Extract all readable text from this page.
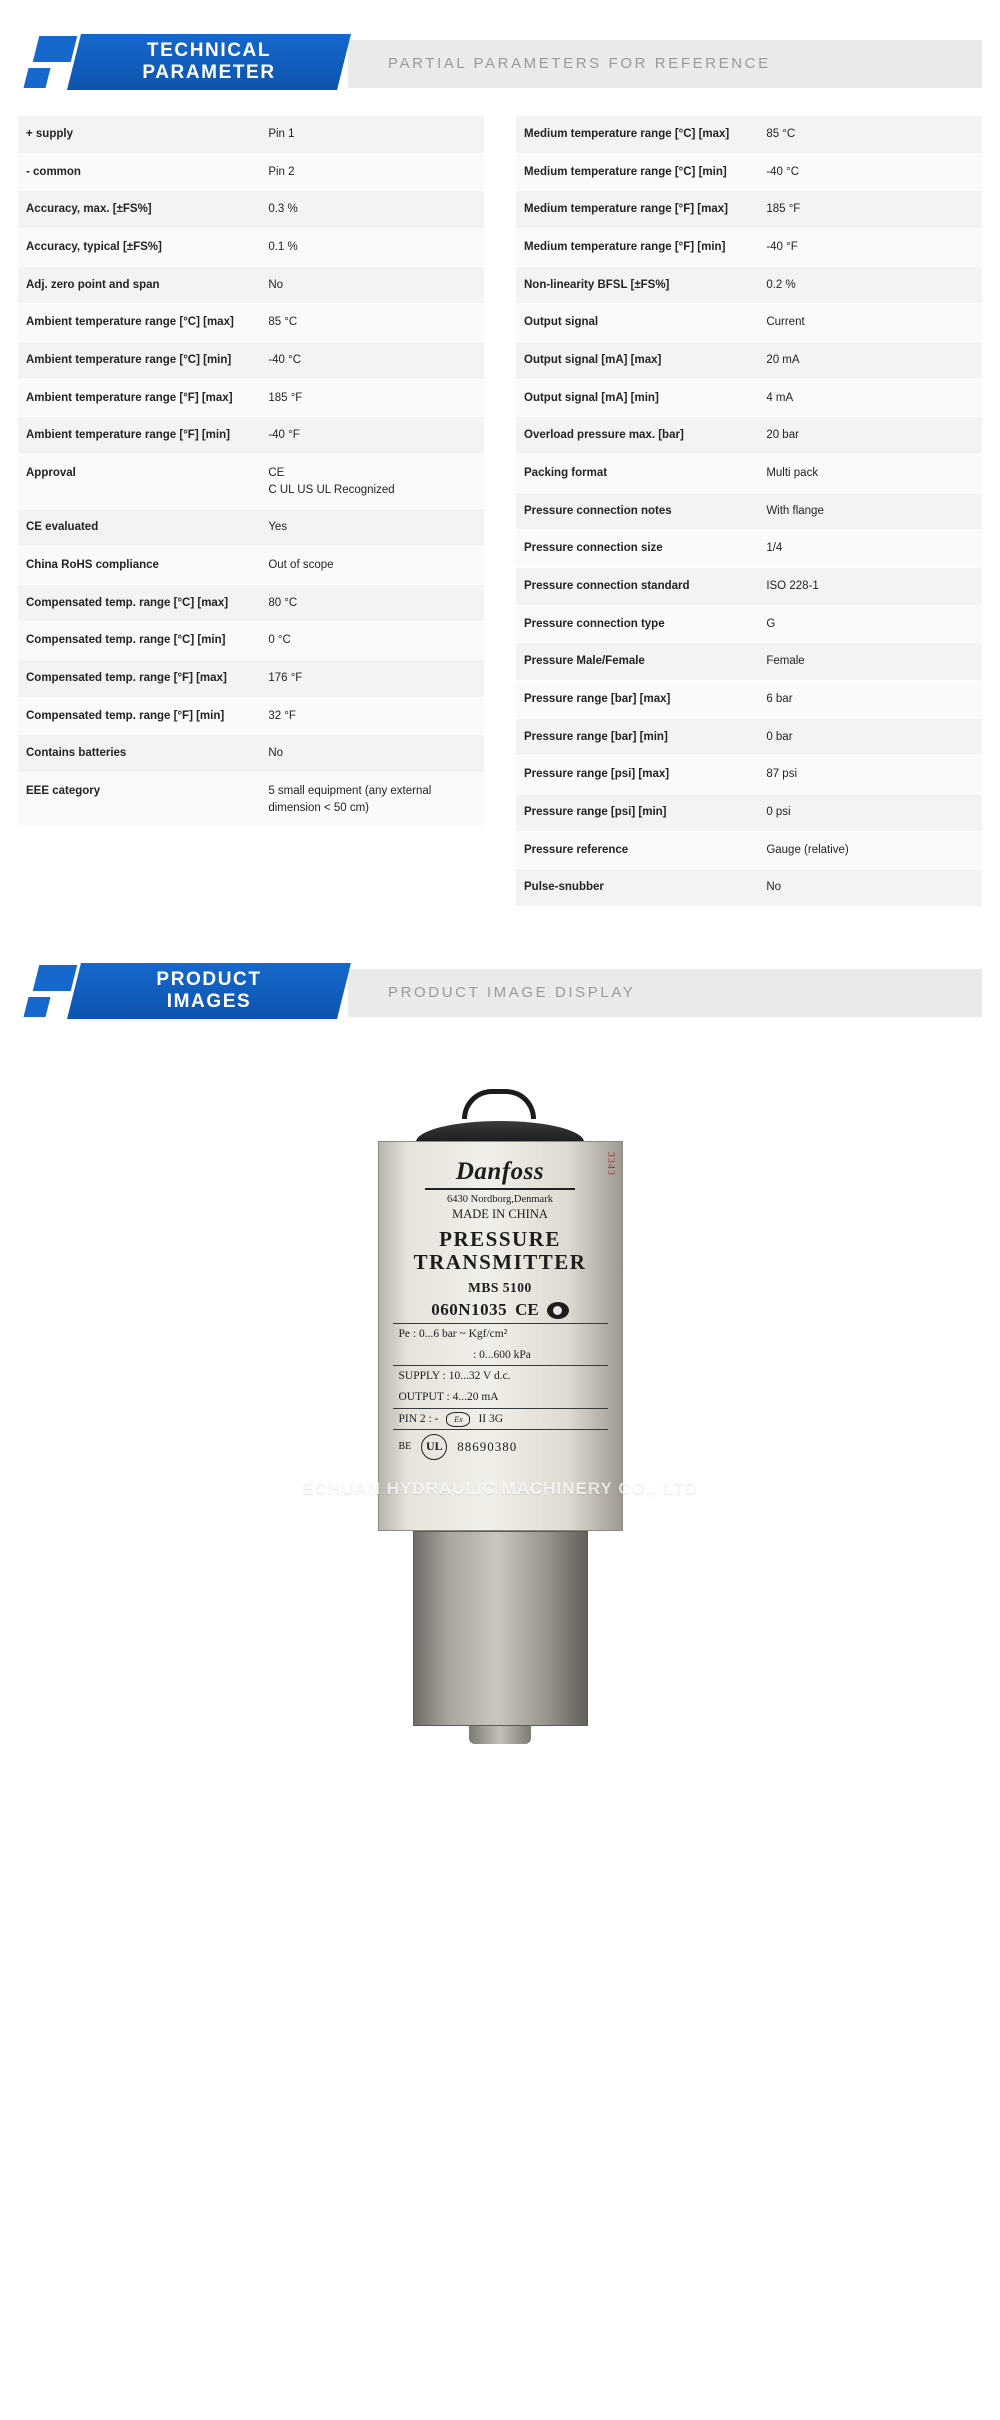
PARTIAL PARAMETERS FOR REFERENCE
TECHNICAL
PARAMETER
+ supply	Pin 1

- common	Pin 2

Accuracy, max. [±FS%]	0.3 %

Accuracy, typical [±FS%]	0.1 %

Adj. zero point and span	No

Ambient temperature range [°C] [max]	85 °C

Ambient temperature range [°C] [min]	-40 °C

Ambient temperature range [°F] [max]	185 °F

Ambient temperature range [°F] [min]	-40 °F

Approval	CE
C UL US UL Recognized

CE evaluated	Yes

China RoHS compliance	Out of scope

Compensated temp. range [°C] [max]	80 °C

Compensated temp. range [°C] [min]	0 °C

Compensated temp. range [°F] [max]	176 °F

Compensated temp. range [°F] [min]	32 °F

Contains batteries	No

EEE category	5 small equipment (any external dimension < 50 cm)
Medium temperature range [°C] [max]	85 °C

Medium temperature range [°C] [min]	-40 °C

Medium temperature range [°F] [max]	185 °F

Medium temperature range [°F] [min]	-40 °F

Non-linearity BFSL [±FS%]	0.2 %

Output signal	Current

Output signal [mA] [max]	20 mA

Output signal [mA] [min]	4 mA

Overload pressure max. [bar]	20 bar

Packing format	Multi pack

Pressure connection notes	With flange

Pressure connection size	1/4

Pressure connection standard	ISO 228-1

Pressure connection type	G

Pressure Male/Female	Female

Pressure range [bar] [max]	6 bar

Pressure range [bar] [min]	0 bar

Pressure range [psi] [max]	87 psi

Pressure range [psi] [min]	0 psi

Pressure reference	Gauge (relative)

Pulse-snubber	No
PRODUCT IMAGE DISPLAY
PRODUCT
IMAGES
3343
Danfoss
6430 Nordborg,Denmark
MADE IN CHINA
PRESSURE
TRANSMITTER
MBS 5100
060N1035 CE
Pe : 0...6 bar ~ Kgf/cm²
: 0...600 kPa
SUPPLY : 10...32 V d.c.
OUTPUT : 4...20 mA
PIN 2 : -	Ex	II 3G
BE	UL	88690380
ECHUAN HYDRAULIC MACHINERY CO., LTD
